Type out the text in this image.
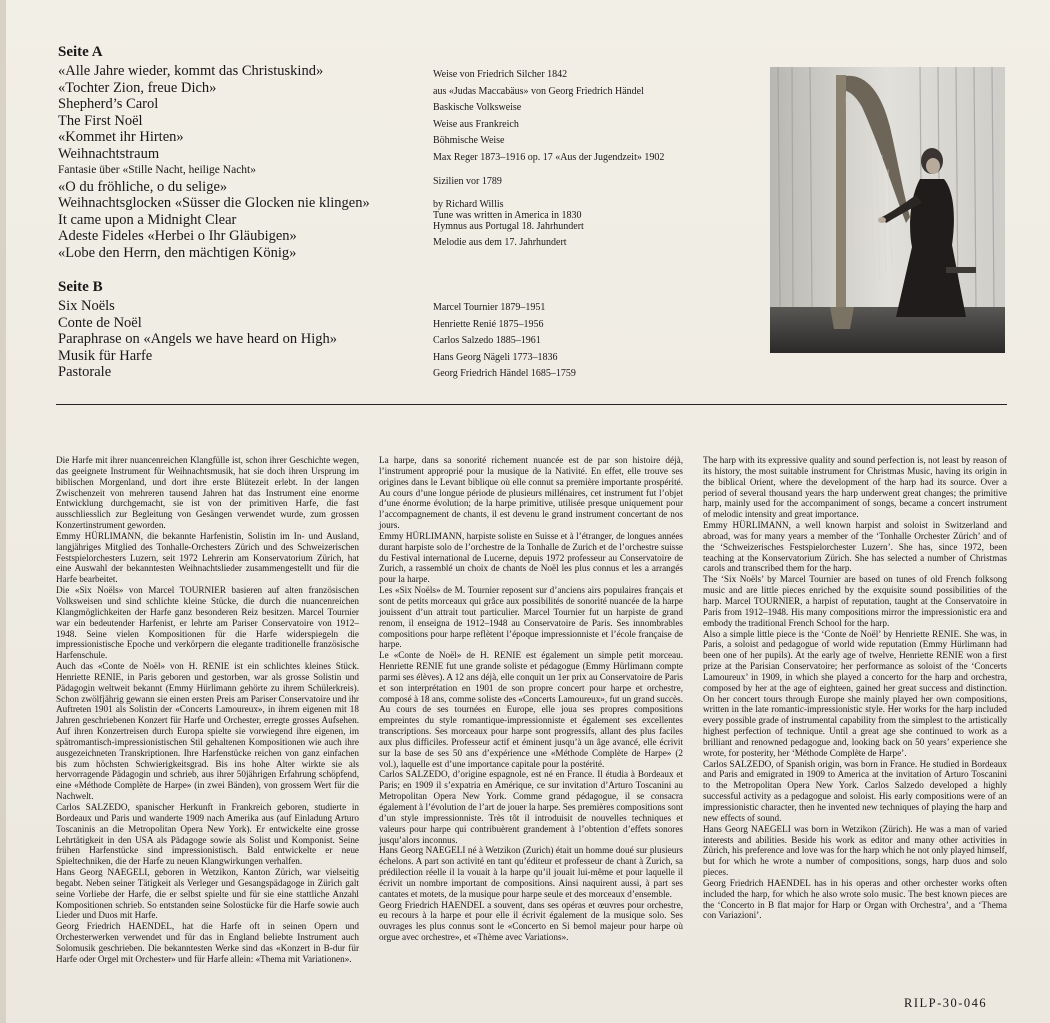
Seite A
«Alle Jahre wieder, kommt das Christuskind»
«Tochter Zion, freue Dich»
Shepherd’s Carol
The First Noël
«Kommet ihr Hirten»
Weihnachtstraum
Fantasie über «Stille Nacht, heilige Nacht»
«O du fröhliche, o du selige»
Weihnachtsglocken «Süsser die Glocken nie klingen»
It came upon a Midnight Clear
Adeste Fideles «Herbei o Ihr Gläubigen»
«Lobe den Herrn, den mächtigen König»
Weise von Friedrich Silcher 1842
aus «Judas Maccabäus» von Georg Friedrich Händel
Baskische Volksweise
Weise aus Frankreich
Böhmische Weise
Max Reger 1873–1916 op. 17 «Aus der Jugendzeit» 1902
Sizilien vor 1789
by Richard Willis
Tune was written in America in 1830
Hymnus aus Portugal 18. Jahrhundert
Melodie aus dem 17. Jahrhundert
Seite B
Six Noëls
Conte de Noël
Paraphrase on «Angels we have heard on High»
Musik für Harfe
Pastorale
Marcel Tournier 1879–1951
Henriette Renié 1875–1956
Carlos Salzedo 1885–1961
Hans Georg Nägeli 1773–1836
Georg Friedrich Händel 1685–1759

Die Harfe mit ihrer nuancenreichen Klangfülle ist, schon ihrer Geschichte wegen, das geeignete Instrument für Weihnachtsmusik, hat sie doch ihren Ursprung im biblischen Morgenland, und dort ihre erste Blütezeit erlebt. In der langen Zwischenzeit von mehreren tausend Jahren hat das Instrument eine enorme Entwicklung durchgemacht, sie ist von der primitiven Harfe, die fast ausschliesslich zur Begleitung von Gesängen verwendet wurde, zum grossen Konzertinstrument geworden.

Emmy HÜRLIMANN, die bekannte Harfenistin, Solistin im In- und Ausland, langjähriges Mitglied des Tonhalle-Orchesters Zürich und des Schweizerischen Festspielorchesters Luzern, seit 1972 Lehrerin am Konservatorium Zürich, hat eine Auswahl der bekanntesten Weihnachtslieder zusammengestellt und für die Harfe bearbeitet.

Die «Six Noëls» von Marcel TOURNIER basieren auf alten französischen Volksweisen und sind schlichte kleine Stücke, die durch die nuancenreichen Klangmöglichkeiten der Harfe ganz besonderen Reiz besitzen. Marcel Tournier war ein bedeutender Harfenist, er lehrte am Pariser Conservatoire von 1912–1948. Seine vielen Kompositionen für die Harfe widerspiegeln die impressionistische Epoche und verkörpern die elegante traditionelle französische Harfenschule.

Auch das «Conte de Noël» von H. RENIE ist ein schlichtes kleines Stück. Henriette RENIE, in Paris geboren und gestorben, war als grosse Solistin und Pädagogin weltweit bekannt (Emmy Hürlimann gehörte zu ihrem Schülerkreis). Schon zwölfjährig gewann sie einen ersten Preis am Pariser Conservatoire und ihr Auftreten 1901 als Solistin der «Concerts Lamoureux», in ihrem eigenen mit 18 Jahren geschriebenen Konzert für Harfe und Orchester, erregte grosses Aufsehen. Auf ihren Konzertreisen durch Europa spielte sie vorwiegend ihre eigenen, im spätromantisch-impressionistischen Stil gehaltenen Kompositionen wie auch ihre ausgezeichneten Transkriptionen. Ihre Harfenstücke reichen von ganz einfachen bis zum höchsten Schwierigkeitsgrad. Bis ins hohe Alter wirkte sie als hervorragende Pädagogin und schrieb, aus ihrer 50jährigen Erfahrung schöpfend, eine «Méthode Complète de Harpe» (in zwei Bänden), von grossem Wert für die Nachwelt.

Carlos SALZEDO, spanischer Herkunft in Frankreich geboren, studierte in Bordeaux und Paris und wanderte 1909 nach Amerika aus (auf Einladung Arturo Toscaninis an die Metropolitan Opera New York). Er entwickelte eine grosse Lehrtätigkeit in den USA als Pädagoge sowie als Solist und Komponist. Seine frühen Harfenstücke sind impressionistisch. Bald entwickelte er neue Spieltechniken, die der Harfe zu neuen Klangwirkungen verhalfen.

Hans Georg NAEGELI, geboren in Wetzikon, Kanton Zürich, war vielseitig begabt. Neben seiner Tätigkeit als Verleger und Gesangspädagoge in Zürich galt seine Vorliebe der Harfe, die er selbst spielte und für sie eine stattliche Anzahl Kompositionen schrieb. So entstanden seine Solostücke für die Harfe sowie auch Lieder und Duos mit Harfe.

Georg Friedrich HAENDEL, hat die Harfe oft in seinen Opern und Orchesterwerken verwendet und für das in England beliebte Instrument auch Solomusik geschrieben. Die bekanntesten Werke sind das «Konzert in B-dur für Harfe oder Orgel mit Orchester» und für Harfe allein: «Thema mit Variationen».

La harpe, dans sa sonorité richement nuancée est de par son histoire déjà, l’instrument approprié pour la musique de la Nativité. En effet, elle trouve ses origines dans le Levant biblique où elle connut sa première importante prospérité. Au cours d’une longue période de plusieurs millénaires, cet instrument fut l’objet d’une énorme évolution; de la harpe primitive, utilisée presque uniquement pour l’accompagnement de chants, il est devenu le grand instrument concertant de nos jours.

Emmy HÜRLIMANN, harpiste soliste en Suisse et à l’étranger, de longues années durant harpiste solo de l’orchestre de la Tonhalle de Zurich et de l’orchestre suisse du Festival international de Lucerne, depuis 1972 professeur au Conservatoire de Zurich, a rassemblé un choix de chants de Noël les plus connus et les a arrangés pour la harpe.

Les «Six Noëls» de M. Tournier reposent sur d’anciens airs populaires français et sont de petits morceaux qui grâce aux possibilités de sonorité nuancée de la harpe jouissent d’un attrait tout particulier. Marcel Tournier fut un harpiste de grand renom, il enseigna de 1912–1948 au Conservatoire de Paris. Ses innombrables compositions pour harpe reflètent l’époque impressionniste et l’école française de harpe.

Le «Conte de Noël» de H. RENIE est également un simple petit morceau. Henriette RENIE fut une grande soliste et pédagogue (Emmy Hürlimann compte parmi ses élèves). A 12 ans déjà, elle conquit un 1er prix au Conservatoire de Paris et son interprétation en 1901 de son propre concert pour harpe et orchestre, composé à 18 ans, comme soliste des «Concerts Lamoureux», fut un grand succès. Au cours de ses tournées en Europe, elle joua ses propres compositions empreintes du style romantique-impressionniste et également ses excellentes transcriptions. Ses morceaux pour harpe sont progressifs, allant des plus faciles aux plus difficiles. Professeur actif et éminent jusqu’à un âge avancé, elle écrivit sur la base de ses 50 ans d’expérience une «Méthode Complète de Harpe» (2 vol.), laquelle est d’une importance capitale pour la postérité.

Carlos SALZEDO, d’origine espagnole, est né en France. Il étudia à Bordeaux et Paris; en 1909 il s’expatria en Amérique, ce sur invitation d’Arturo Toscanini au Metropolitan Opera New York. Comme grand pédagogue, il se consacra également à l’évolution de l’art de jouer la harpe. Ses premières compositions sont d’un style impressionniste. Très tôt il introduisit de nouvelles techniques et valeurs pour harpe qui contribuèrent grandement à l’obtention d’effets sonores jusqu’alors inconnus.

Hans Georg NAEGELI né à Wetzikon (Zurich) était un homme doué sur plusieurs échelons. A part son activité en tant qu’éditeur et professeur de chant à Zurich, sa prédilection réelle il la vouait à la harpe qu’il jouait lui-même et pour laquelle il écrivit un nombre important de compositions. Ainsi naquirent aussi, à part ses cantates et motets, de la musique pour harpe seule et des morceaux d’ensemble.

Georg Friedrich HAENDEL a souvent, dans ses opéras et œuvres pour orchestre, eu recours à la harpe et pour elle il écrivit également de la musique solo. Ses ouvrages les plus connus sont le «Concerto en Si bemol majeur pour harpe où orgue avec orchestre», et «Thème avec Variations».

The harp with its expressive quality and sound perfection is, not least by reason of its history, the most suitable instrument for Christmas Music, having its origin in the biblical Orient, where the development of the harp had its source. Over a period of several thousand years the harp underwent great changes; the primitive harp, mainly used for the accompaniment of songs, became a concert instrument of melodic intensity and great importance.

Emmy HÜRLIMANN, a well known harpist and soloist in Switzerland and abroad, was for many years a member of the ‘Tonhalle Orchester Zürich’ and of the ‘Schweizerisches Festspielorchester Luzern’. She has, since 1972, been teaching at the Konservatorium Zürich. She has selected a number of Christmas carols and transcribed them for the harp.

The ‘Six Noëls’ by Marcel Tournier are based on tunes of old French folksong music and are little pieces enriched by the exquisite sound possibilities of the harp. Marcel TOURNIER, a harpist of reputation, taught at the Conservatoire in Paris from 1912–1948. His many compositions mirror the impressionistic era and embody the traditional French School for the harp.

Also a simple little piece is the ‘Conte de Noël’ by Henriette RENIE. She was, in Paris, a soloist and pedagogue of world wide reputation (Emmy Hürlimann had been one of her pupils). At the early age of twelve, Henriette RENIE won a first prize at the Parisian Conservatoire; her performance as soloist of the ‘Concerts Lamoureux’ in 1909, in which she played a concerto for the harp and orchestra, composed by her at the age of eighteen, gained her great success and distinction. On her concert tours through Europe she mainly played her own compositions, written in the late romantic-impressionistic style. Her works for the harp included every possible grade of instrumental capability from the simplest to the artistically highest perfection of technique. Until a great age she continued to work as a brilliant and renowned pedagogue and, looking back on 50 years’ experience she wrote, for posterity, her ‘Méthode Complète de Harpe’.

Carlos SALZEDO, of Spanish origin, was born in France. He studied in Bordeaux and Paris and emigrated in 1909 to America at the invitation of Arturo Toscanini to the Metropolitan Opera New York. Carlos Salzedo developed a highly successful activity as a pedagogue and soloist. His early compositions were of an impressionistic character, then he invented new techniques of playing the harp and new effects of sound.

Hans Georg NAEGELI was born in Wetzikon (Zürich). He was a man of varied interests and abilities. Beside his work as editor and many other activities in Zürich, his preference and love was for the harp which he not only played himself, but for which he wrote a number of compositions, songs, harp duos and solo pieces.

Georg Friedrich HAENDEL has in his operas and other orchester works often included the harp, for which he also wrote solo music. The best known pieces are the ‘Concerto in B flat major for Harp or Organ with Orchestra’, and a ‘Thema con Variazioni’.

RILP-30-046
